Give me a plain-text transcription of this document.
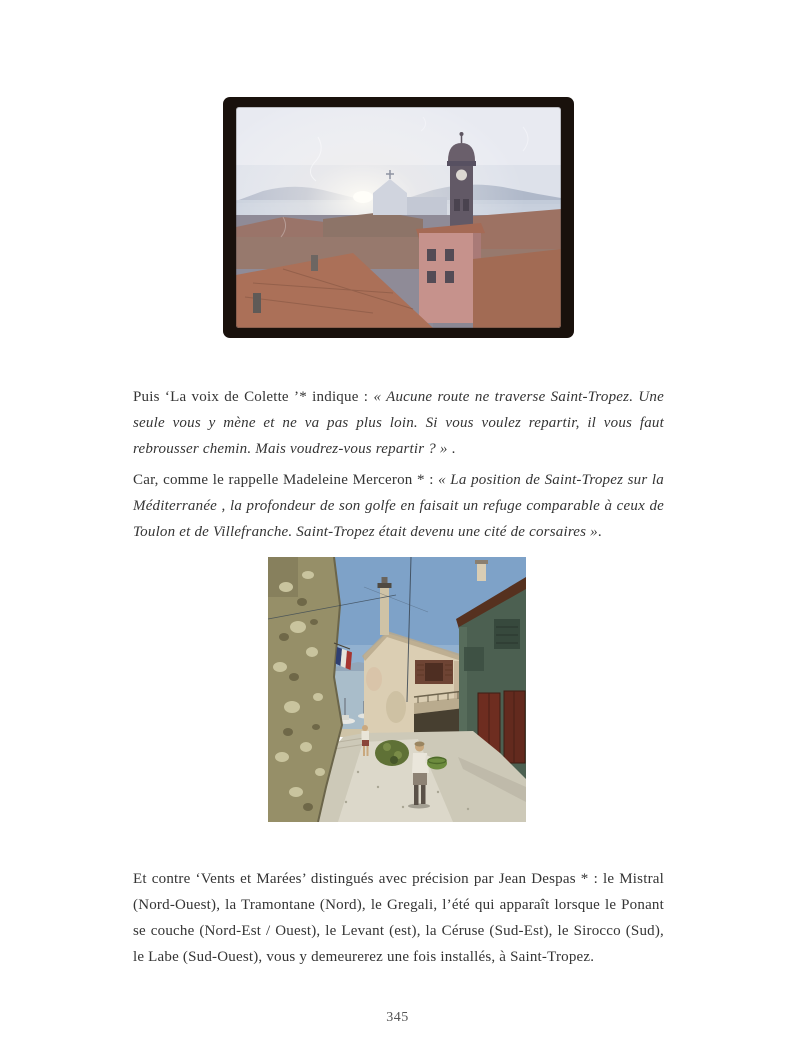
Puis ‘La voix de Colette ’* indique : « Aucune route ne traverse Saint-Tropez. Une seule vous y mène et ne va pas plus loin. Si vous voulez repartir, il vous faut rebrousser chemin. Mais voudrez-vous repartir ? » .

Car, comme le rappelle Madeleine Merceron * : « La position de Saint-Tropez sur la Méditerranée , la profondeur de son golfe en faisait un refuge comparable à ceux de Toulon et de Villefranche. Saint-Tropez était devenu une cité de corsaires ».

Et contre ‘Vents et Marées’ distingués avec précision par Jean Despas * : le Mistral (Nord-Ouest), la Tramontane (Nord), le Gregali, l’été qui apparaît lorsque le Ponant se couche (Nord-Est / Ouest), le Levant (est), la Céruse (Sud-Est), le Sirocco (Sud), le Labe (Sud-Ouest), vous y demeurerez une fois installés, à Saint-Tropez.

345
